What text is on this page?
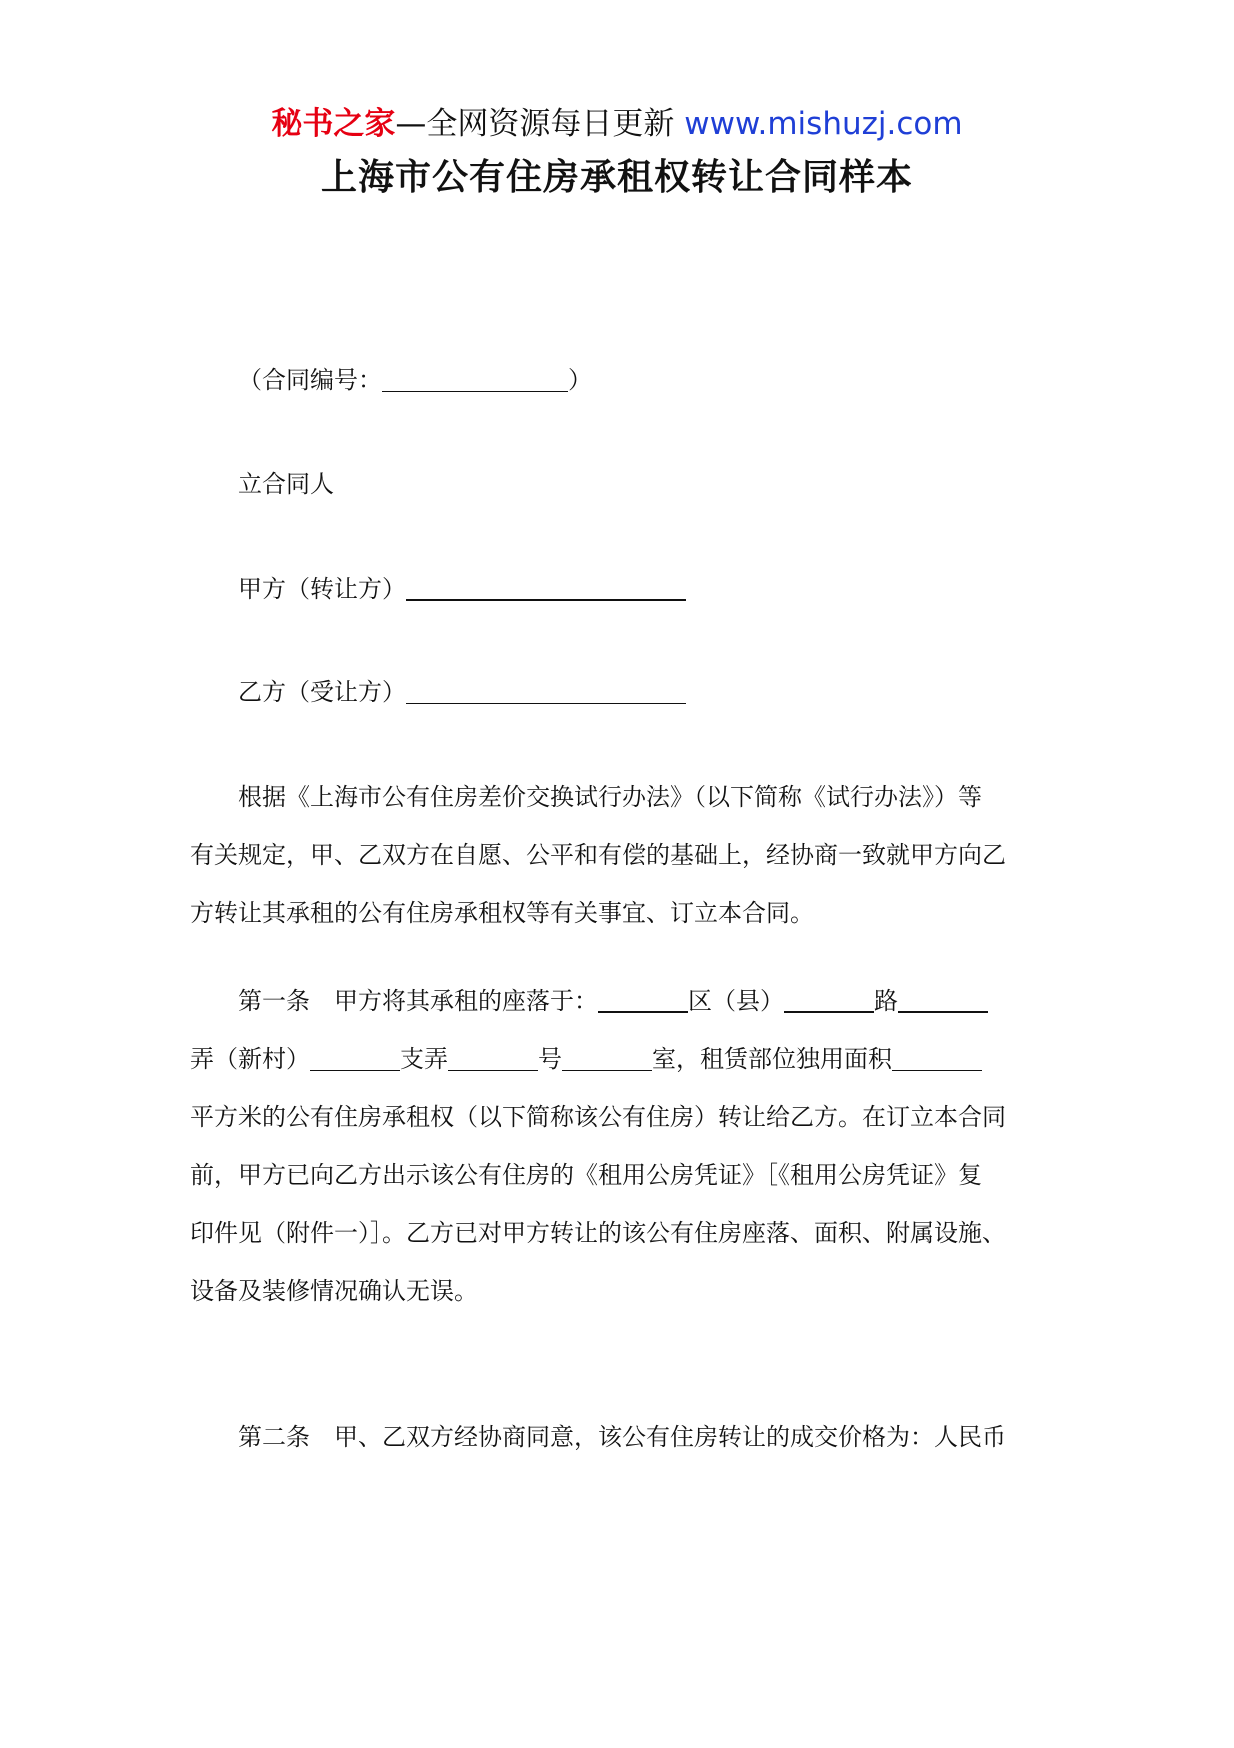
秘书之家—全网资源每日更新 www.mishuzj.com
上海市公有住房承租权转让合同样本
（合同编号：	）
立合同人
甲方（转让方）
乙方（受让方）
根据《上海市公有住房差价交换试行办法》（以下简称《试行办法》）等
有关规定，甲、乙双方在自愿、公平和有偿的基础上，经协商一致就甲方向乙
方转让其承租的公有住房承租权等有关事宜、订立本合同。
第一条　甲方将其承租的座落于：	区（县）	路
弄（新村）	支弄	号	室，租赁部位独用面积
平方米的公有住房承租权（以下简称该公有住房）转让给乙方。在订立本合同
前，甲方已向乙方出示该公有住房的《租用公房凭证》［《租用公房凭证》复
印件见（附件一）］。乙方已对甲方转让的该公有住房座落、面积、附属设施、
设备及装修情况确认无误。
第二条　甲、乙双方经协商同意，该公有住房转让的成交价格为：人民币
